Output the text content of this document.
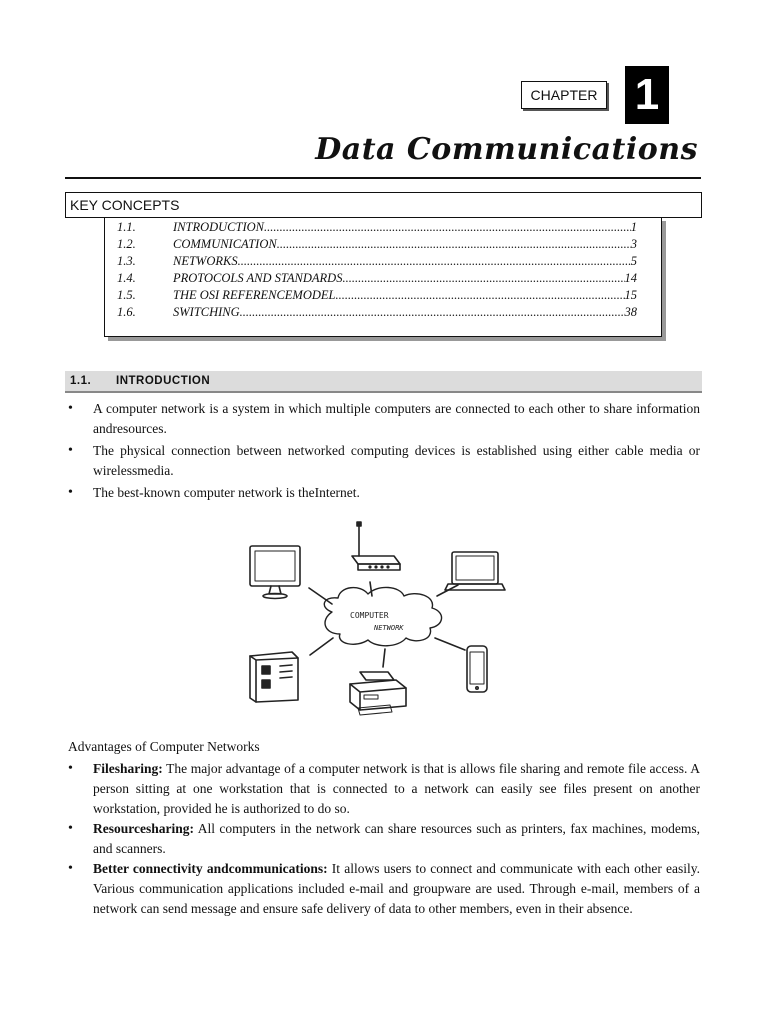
CHAPTER 1
Data Communications
KEY CONCEPTS
1.1.	INTRODUCTION .....	1
1.2.	COMMUNICATION .....	3
1.3.	NETWORKS .....	5
1.4.	PROTOCOLS AND STANDARDS .....	14
1.5.	THE OSI REFERENCEMODEL .....	15
1.6.	SWITCHING .....	38
1.1.	INTRODUCTION
• A computer network is a system in which multiple computers are connected to each other to share information andresources.
• The physical connection between networked computing devices is established using either cable media or wirelessmedia.
• The best-known computer network is theInternet.
COMPUTER
NETWORK
Advantages of Computer Networks
• Filesharing: The major advantage of a computer network is that is allows file sharing and remote file access. A person sitting at one workstation that is connected to a network can easily see files present on another workstation, provided he is authorized to do so.
• Resourcesharing: All computers in the network can share resources such as printers, fax machines, modems, and scanners.
• Better connectivity andcommunications: It allows users to connect and communicate with each other easily. Various communication applications included e-mail and groupware are used. Through e-mail, members of a network can send message and ensure safe delivery of data to other members, even in their absence.
